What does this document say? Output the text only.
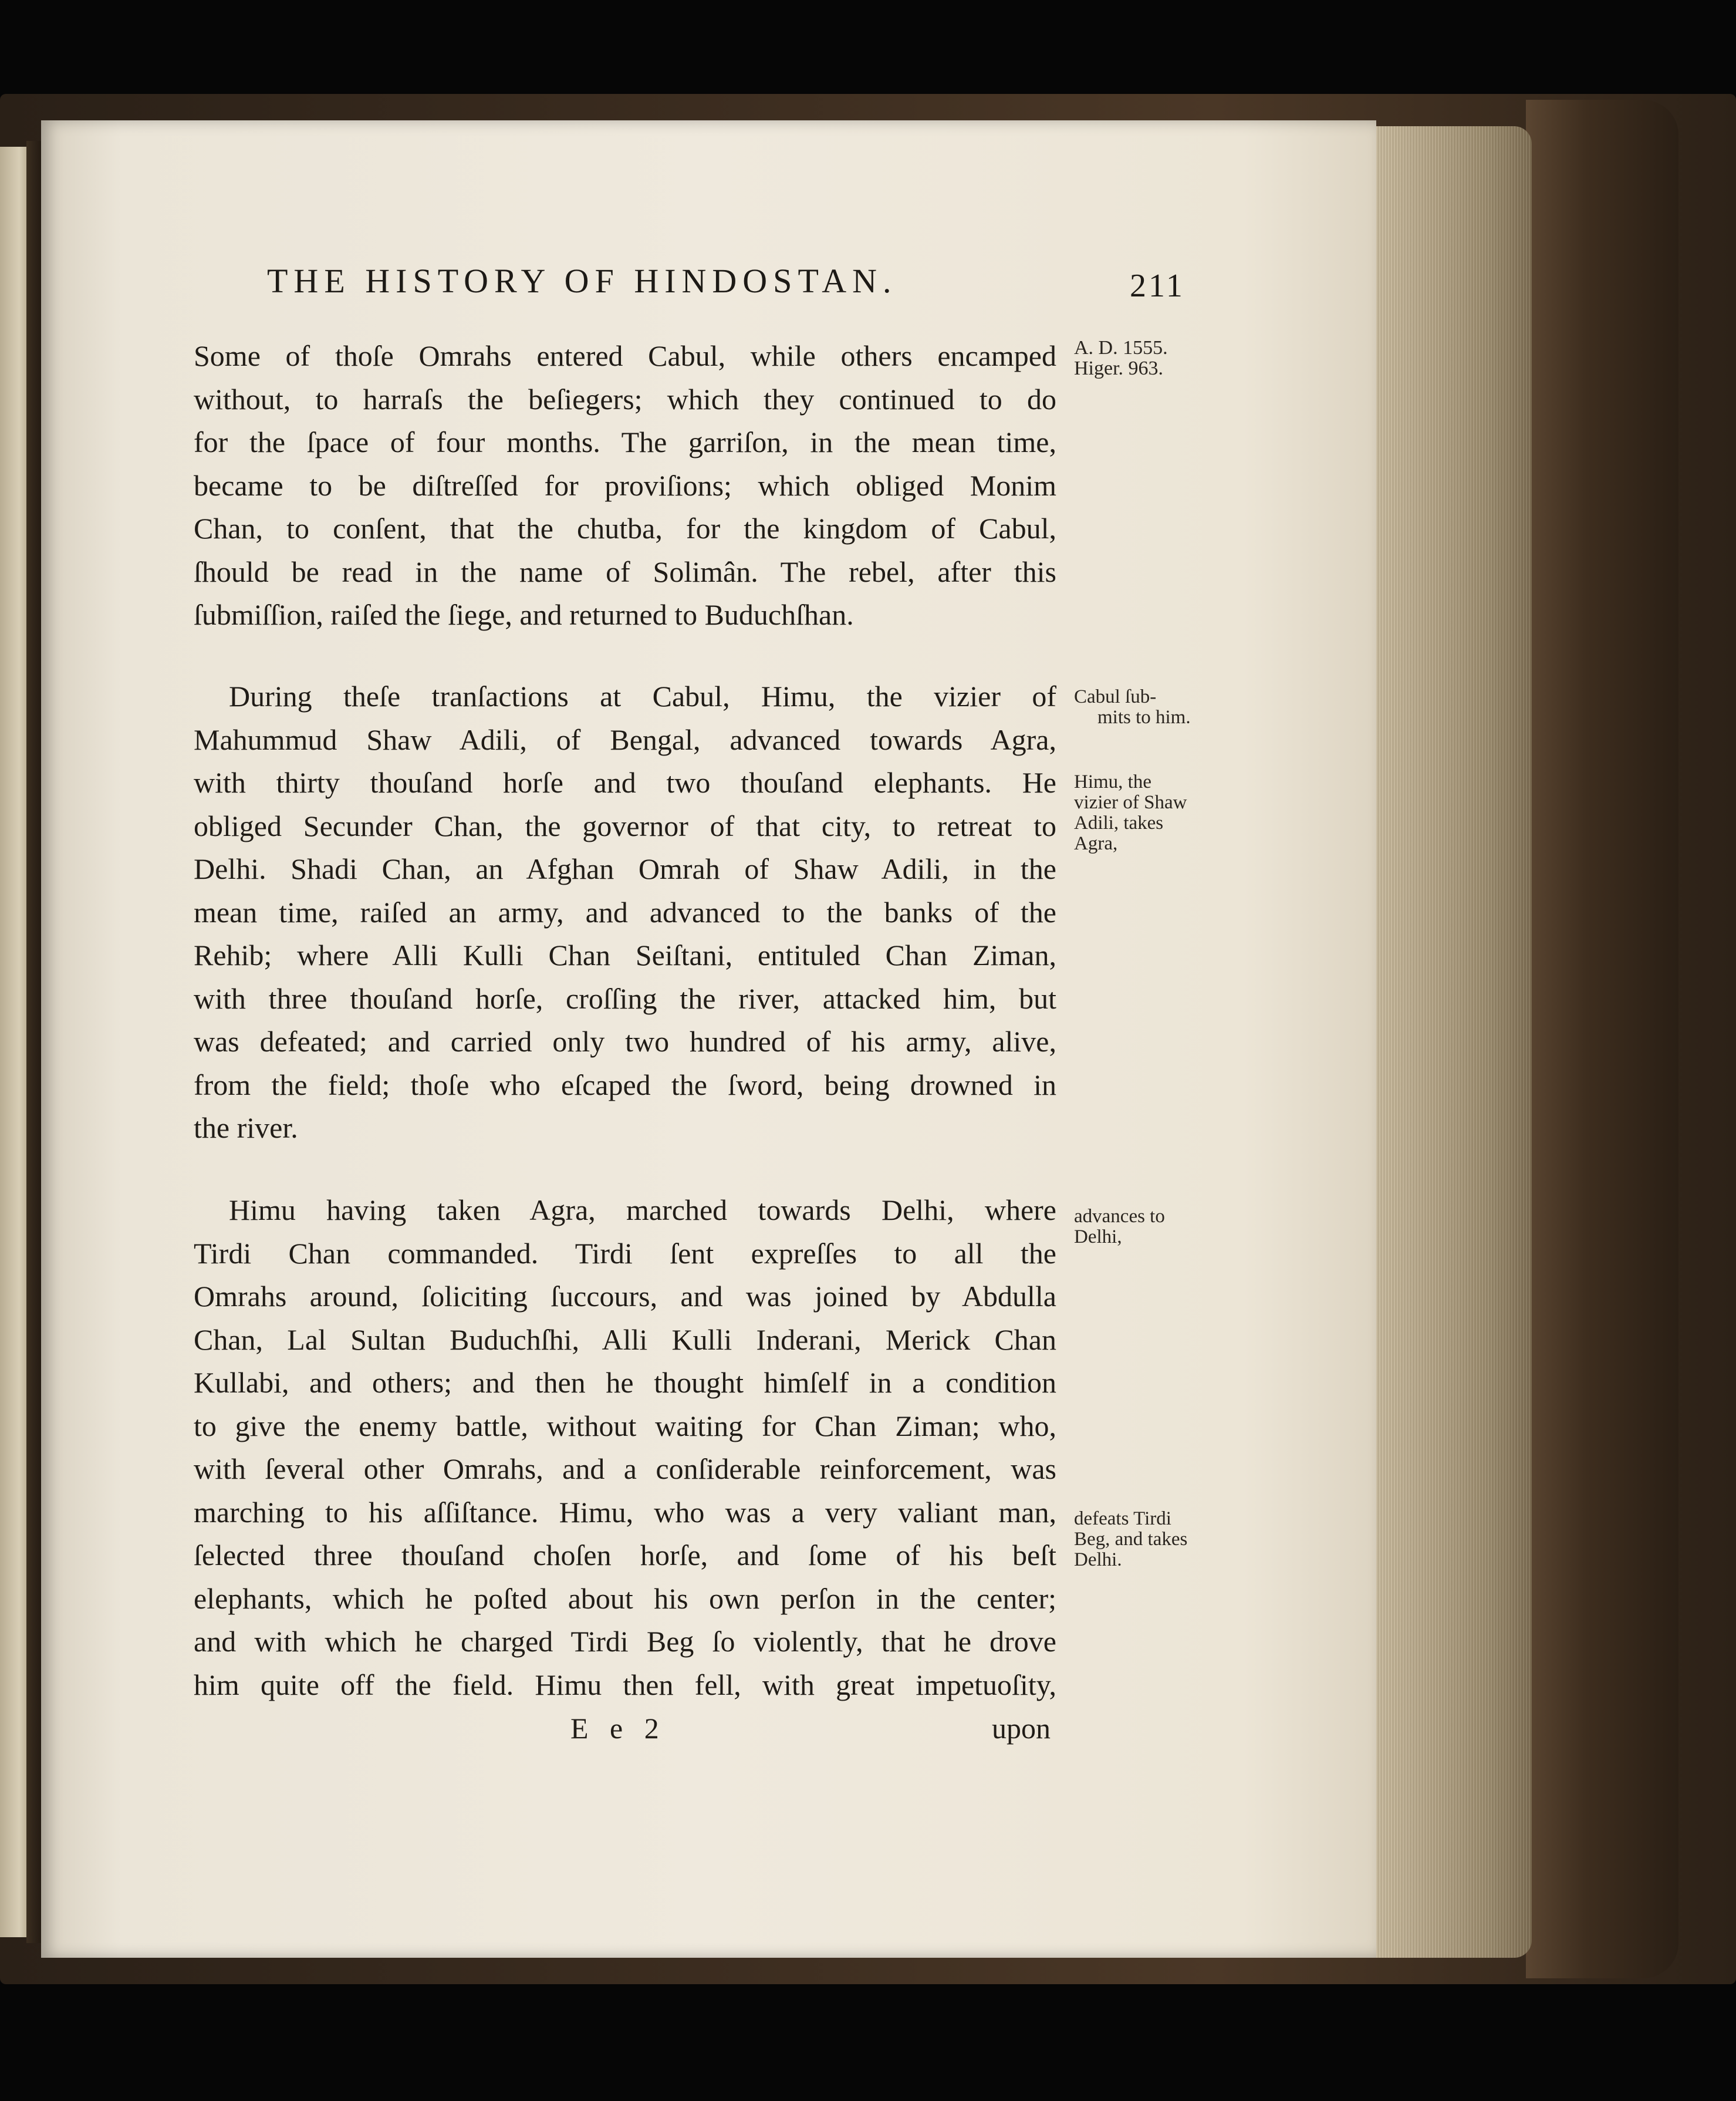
THE HISTORY OF HINDOSTAN.	211
Some of thoſe Omrahs entered Cabul, while others encamped
without, to harraſs the beſiegers; which they continued to do
for the ſpace of four months. The garriſon, in the mean time,
became to be diſtreſſed for proviſions; which obliged Monim
Chan, to conſent, that the chutba, for the kingdom of Cabul,
ſhould be read in the name of Solimân. The rebel, after this
ſubmiſſion, raiſed the ſiege, and returned to Buduchſhan.
During theſe tranſactions at Cabul, Himu, the vizier of
Mahummud Shaw Adili, of Bengal, advanced towards Agra,
with thirty thouſand horſe and two thouſand elephants. He
obliged Secunder Chan, the governor of that city, to retreat to
Delhi. Shadi Chan, an Afghan Omrah of Shaw Adili, in the
mean time, raiſed an army, and advanced to the banks of the
Rehib; where Alli Kulli Chan Seiſtani, entituled Chan Ziman,
with three thouſand horſe, croſſing the river, attacked him, but
was defeated; and carried only two hundred of his army, alive,
from the field; thoſe who eſcaped the ſword, being drowned in
the river.
Himu having taken Agra, marched towards Delhi, where
Tirdi Chan commanded. Tirdi ſent expreſſes to all the
Omrahs around, ſoliciting ſuccours, and was joined by Abdulla
Chan, Lal Sultan Buduchſhi, Alli Kulli Inderani, Merick Chan
Kullabi, and others; and then he thought himſelf in a condition
to give the enemy battle, without waiting for Chan Ziman; who,
with ſeveral other Omrahs, and a conſiderable reinforcement, was
marching to his aſſiſtance. Himu, who was a very valiant man,
ſelected three thouſand choſen horſe, and ſome of his beſt
elephants, which he poſted about his own perſon in the center;
and with which he charged Tirdi Beg ſo violently, that he drove
him quite off the field. Himu then fell, with great impetuoſity,
A. D. 1555.
Higer. 963.
Cabul ſub-
mits to him.
Himu, the
vizier of Shaw
Adili, takes
Agra,
advances to
Delhi,
defeats Tirdi
Beg, and takes
Delhi.
E e 2	upon
